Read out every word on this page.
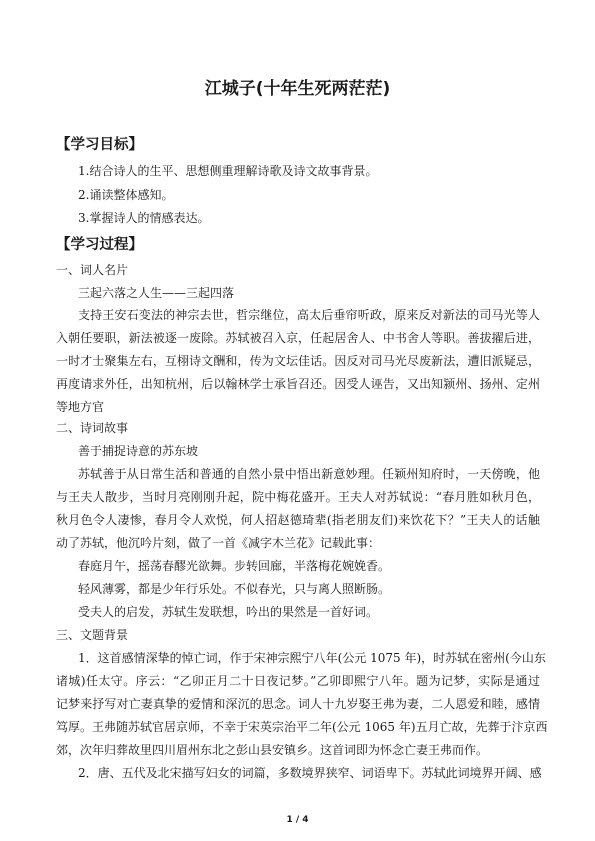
江城子(十年生死两茫茫)
【学习目标】
1.结合诗人的生平、思想侧重理解诗歌及诗文故事背景。
2.诵读整体感知。
3.掌握诗人的情感表达。
【学习过程】
一、词人名片
三起六落之人生——三起四落
支持王安石变法的神宗去世，哲宗继位，高太后垂帘听政，原来反对新法的司马光等人
入朝任要职，新法被逐一废除。苏轼被召入京，任起居舍人、中书舍人等职。善拔擢后进，
一时才士聚集左右，互栩诗文酬和，传为文坛佳话。因反对司马光尽废新法，遭旧派疑忌，
再度请求外任，出知杭州，后以翰林学士承旨召还。因受人诬告，又出知颍州、扬州、定州
等地方官
二、诗词故事
善于捕捉诗意的苏东坡
苏轼善于从日常生活和普通的自然小景中悟出新意妙理。任颖州知府时，一天傍晚，他
与王夫人散步，当时月亮刚刚升起，院中梅花盛开。王夫人对苏轼说：“春月胜如秋月色，
秋月色令人凄惨，春月令人欢悦，何人招赵德琦辈(指老朋友们)来饮花下？”王夫人的话触
动了苏轼，他沉吟片刻，做了一首《减字木兰花》记载此事：
春庭月午，摇荡春醪光欲舞。步转回廊，半落梅花婉娩香。
轻风薄雾，都是少年行乐处。不似春光，只与离人照断肠。
受夫人的启发，苏轼生发联想，吟出的果然是一首好词。
三、文题背景
1．这首感情深挚的悼亡词，作于宋神宗熙宁八年(公元 1075 年)，时苏轼在密州(今山东
诸城)任太守。序云：“乙卯正月二十日夜记梦。”乙卯即熙宁八年。题为记梦，实际是通过
记梦来抒写对亡妻真挚的爱情和深沉的思念。词人十九岁娶王弗为妻，二人恩爱和睦，感情
笃厚。王弗随苏轼官居京师，不幸于宋英宗治平二年(公元 1065 年)五月亡故，先葬于汴京西
郊，次年归葬故里四川眉州东北之彭山县安镇乡。这首词即为怀念亡妻王弗而作。
2．唐、五代及北宋描写妇女的词篇，多数境界狭窄、词语卑下。苏轼此词境界开阔、感
1 / 4
